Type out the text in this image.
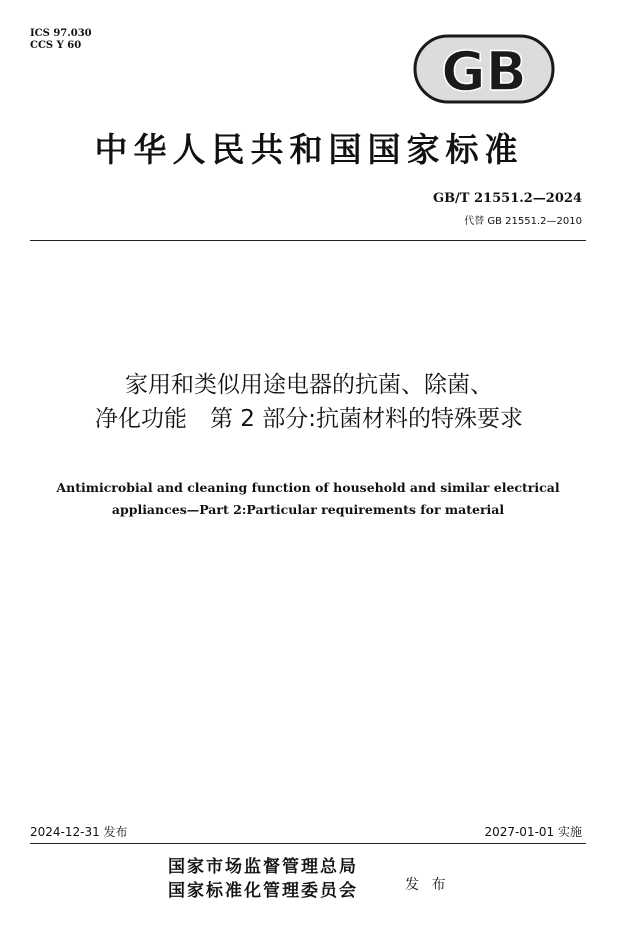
ICS 97.030
CCS Y 60	GB
中华人民共和国国家标准
GB/T 21551.2—2024
代替 GB 21551.2—2010
家用和类似用途电器的抗菌、除菌、
净化功能　第 2 部分:抗菌材料的特殊要求
Antimicrobial and cleaning function of household and similar electrical
appliances—Part 2:Particular requirements for material
2024-12-31 发布	2027-01-01 实施
国家市场监督管理总局
国家标准化管理委员会	发 布
